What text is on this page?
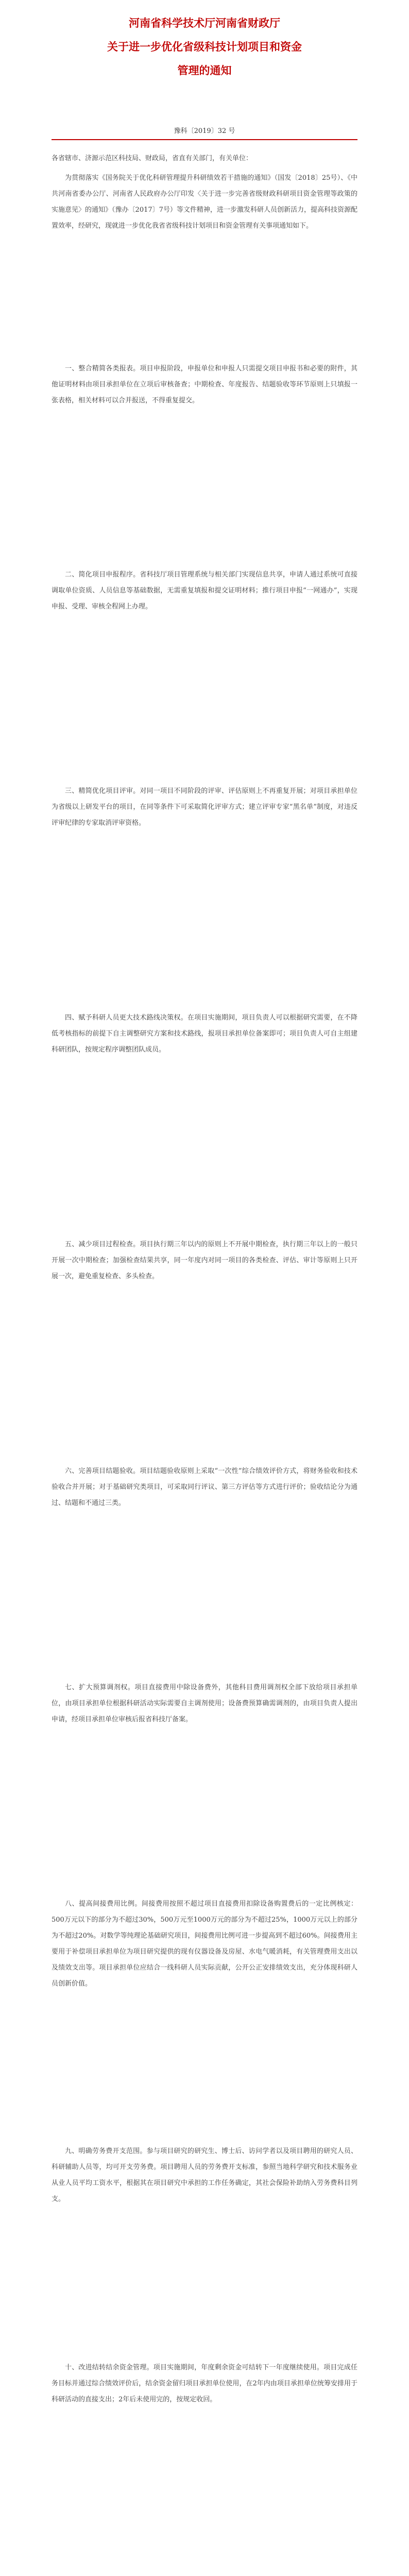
河南省科学技术厅河南省财政厅
关于进一步优化省级科技计划项目和资金
管理的通知
豫科〔2019〕32 号

各省辖市、济源示范区科技局、财政局，省直有关部门，有关单位：

为贯彻落实《国务院关于优化科研管理提升科研绩效若干措施的通知》（国发〔2018〕25号）、《中共河南省委办公厅、河南省人民政府办公厅印发〈关于进一步完善省级财政科研项目资金管理等政策的实施意见〉的通知》（豫办〔2017〕7号）等文件精神，进一步激发科研人员创新活力，提高科技资源配置效率，经研究，现就进一步优化我省省级科技计划项目和资金管理有关事项通知如下。

一、整合精简各类报表。项目申报阶段，申报单位和申报人只需提交项目申报书和必要的附件，其他证明材料由项目承担单位在立项后审核备查；中期检查、年度报告、结题验收等环节原则上只填报一张表格，相关材料可以合并报送，不得重复提交。

二、简化项目申报程序。省科技厅项目管理系统与相关部门实现信息共享，申请人通过系统可直接调取单位资质、人员信息等基础数据，无需重复填报和提交证明材料；推行项目申报“一网通办”，实现申报、受理、审核全程网上办理。

三、精简优化项目评审。对同一项目不同阶段的评审、评估原则上不再重复开展；对项目承担单位为省级以上研发平台的项目，在同等条件下可采取简化评审方式；建立评审专家“黑名单”制度，对违反评审纪律的专家取消评审资格。

四、赋予科研人员更大技术路线决策权。在项目实施期间，项目负责人可以根据研究需要，在不降低考核指标的前提下自主调整研究方案和技术路线，报项目承担单位备案即可；项目负责人可自主组建科研团队，按规定程序调整团队成员。

五、减少项目过程检查。项目执行期三年以内的原则上不开展中期检查，执行期三年以上的一般只开展一次中期检查；加强检查结果共享，同一年度内对同一项目的各类检查、评估、审计等原则上只开展一次，避免重复检查、多头检查。

六、完善项目结题验收。项目结题验收原则上采取“一次性”综合绩效评价方式，将财务验收和技术验收合并开展；对于基础研究类项目，可采取同行评议、第三方评估等方式进行评价；验收结论分为通过、结题和不通过三类。

七、扩大预算调剂权。项目直接费用中除设备费外，其他科目费用调剂权全部下放给项目承担单位，由项目承担单位根据科研活动实际需要自主调剂使用；设备费预算确需调剂的，由项目负责人提出申请，经项目承担单位审核后报省科技厅备案。

八、提高间接费用比例。间接费用按照不超过项目直接费用扣除设备购置费后的一定比例核定：500万元以下的部分为不超过30%，500万元至1000万元的部分为不超过25%，1000万元以上的部分为不超过20%。对数学等纯理论基础研究项目，间接费用比例可进一步提高到不超过60%。间接费用主要用于补偿项目承担单位为项目研究提供的现有仪器设备及房屋、水电气暖消耗，有关管理费用支出以及绩效支出等。项目承担单位应结合一线科研人员实际贡献，公开公正安排绩效支出，充分体现科研人员创新价值。

九、明确劳务费开支范围。参与项目研究的研究生、博士后、访问学者以及项目聘用的研究人员、科研辅助人员等，均可开支劳务费。项目聘用人员的劳务费开支标准，参照当地科学研究和技术服务业从业人员平均工资水平，根据其在项目研究中承担的工作任务确定，其社会保险补助纳入劳务费科目列支。

十、改进结转结余资金管理。项目实施期间，年度剩余资金可结转下一年度继续使用。项目完成任务目标并通过综合绩效评价后，结余资金留归项目承担单位使用，在2年内由项目承担单位统筹安排用于科研活动的直接支出；2年后未使用完的，按规定收回。
